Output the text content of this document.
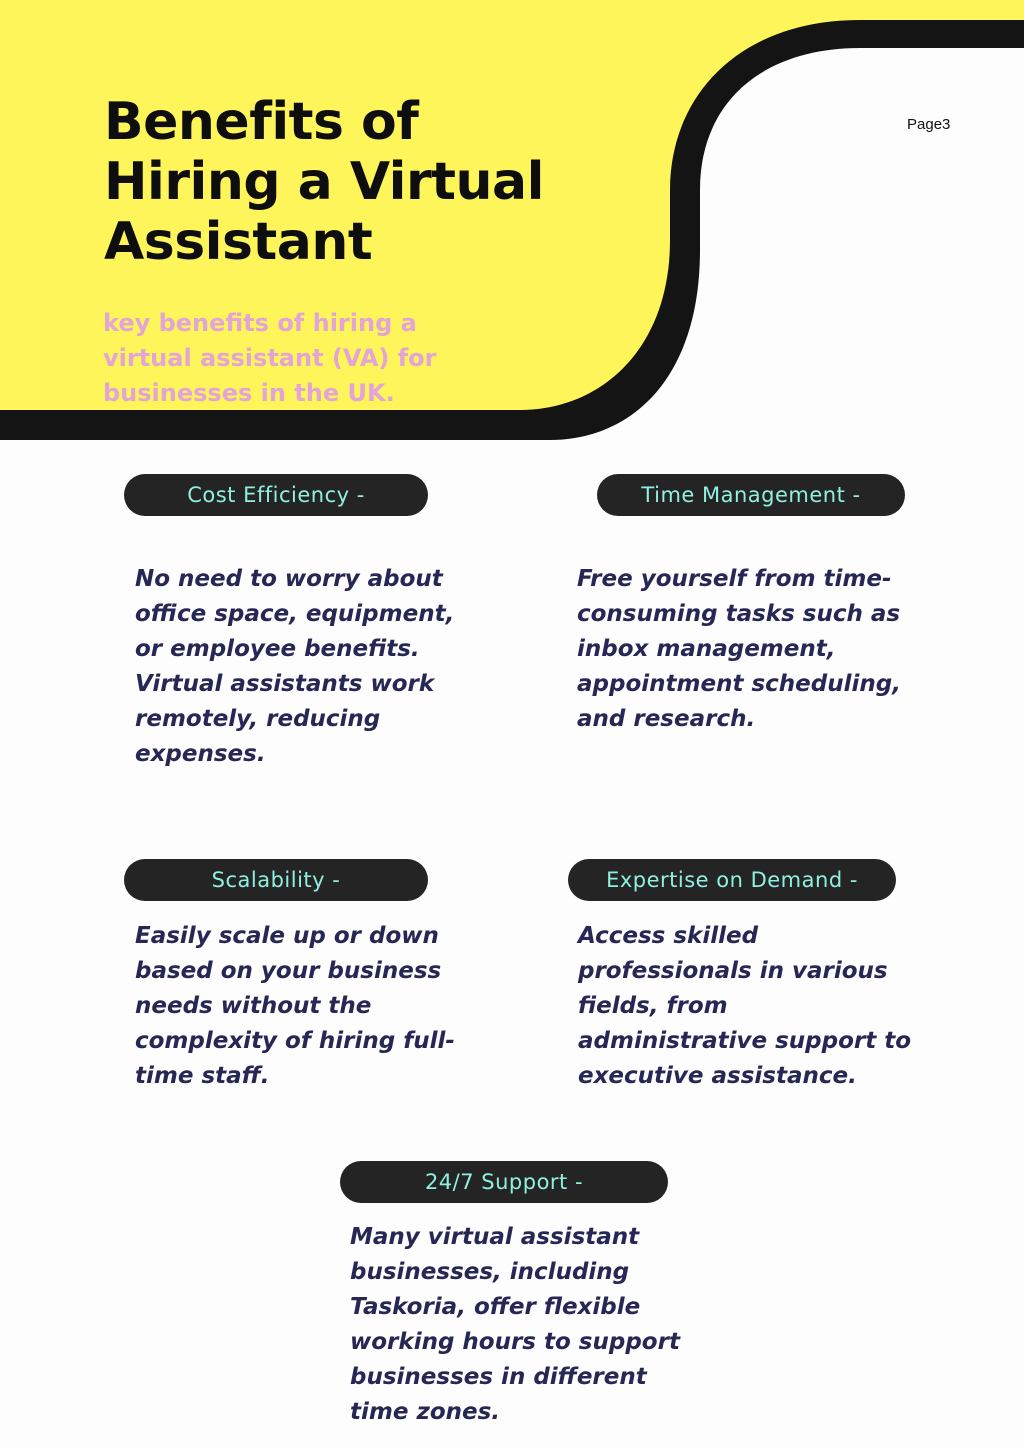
Benefits of
Hiring a Virtual
Assistant

key benefits of hiring a
virtual assistant (VA) for
businesses in the UK.

Page3
Cost Efficiency -

No need to worry about
office space, equipment,
or employee benefits.
Virtual assistants work
remotely, reducing
expenses.

Time Management -

Free yourself from time-
consuming tasks such as
inbox management,
appointment scheduling,
and research.

Scalability -

Easily scale up or down
based on your business
needs without the
complexity of hiring full-
time staff.

Expertise on Demand -

Access skilled
professionals in various
fields, from
administrative support to
executive assistance.

24/7 Support -

Many virtual assistant
businesses, including
Taskoria, offer flexible
working hours to support
businesses in different
time zones.
